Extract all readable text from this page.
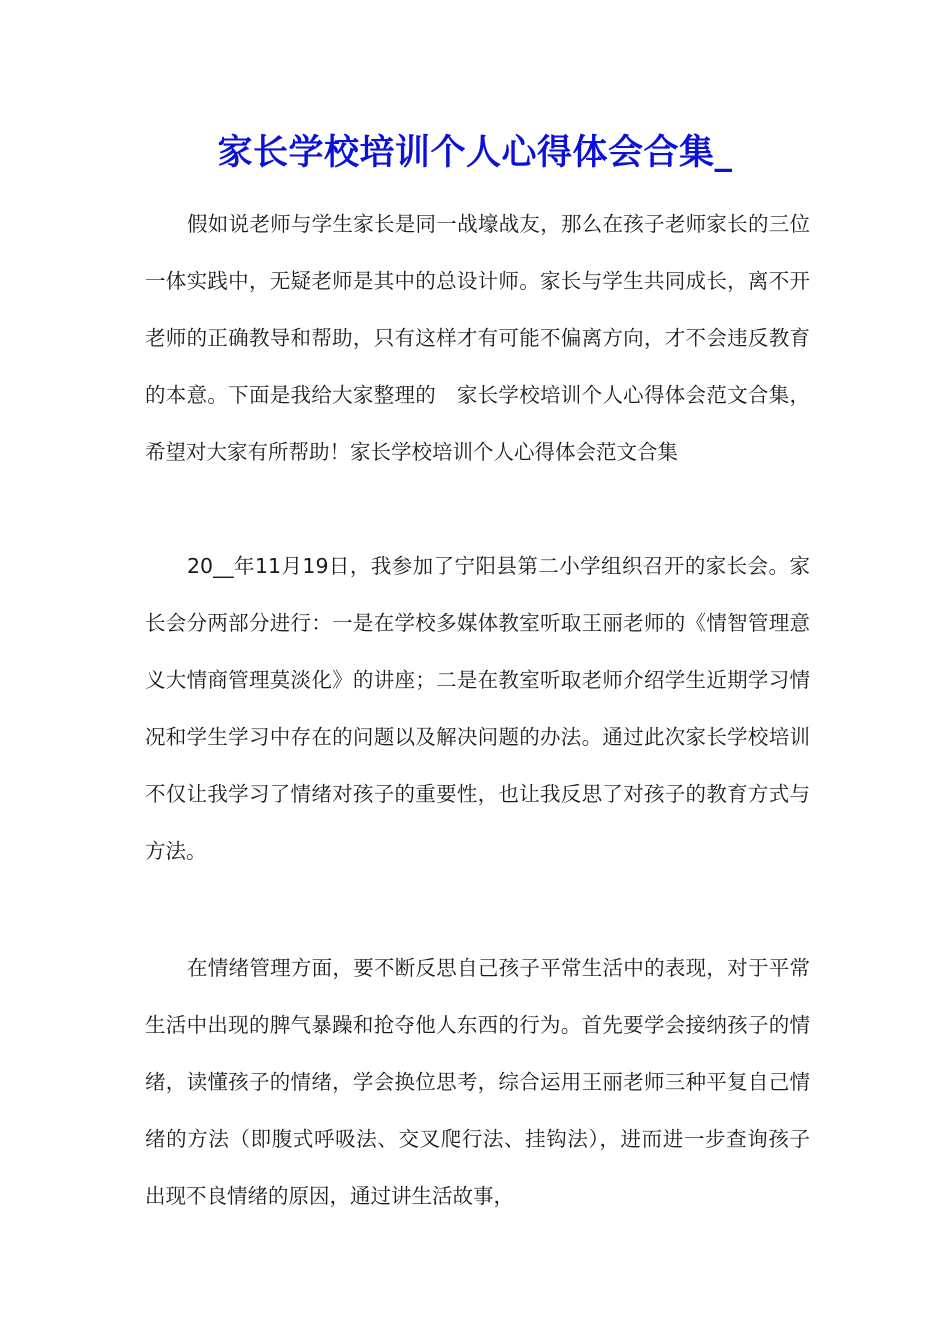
家长学校培训个人心得体会合集_

假如说老师与学生家长是同一战壕战友，那么在孩子老师家长的三位一体实践中，无疑老师是其中的总设计师。家长与学生共同成长，离不开老师的正确教导和帮助，只有这样才有可能不偏离方向，才不会违反教育的本意。下面是我给大家整理的　家长学校培训个人心得体会范文合集，希望对大家有所帮助！家长学校培训个人心得体会范文合集

20__年11月19日，我参加了宁阳县第二小学组织召开的家长会。家长会分两部分进行：一是在学校多媒体教室听取王丽老师的《情智管理意义大情商管理莫淡化》的讲座；二是在教室听取老师介绍学生近期学习情况和学生学习中存在的问题以及解决问题的办法。通过此次家长学校培训不仅让我学习了情绪对孩子的重要性，也让我反思了对孩子的教育方式与方法。

在情绪管理方面，要不断反思自己孩子平常生活中的表现，对于平常生活中出现的脾气暴躁和抢夺他人东西的行为。首先要学会接纳孩子的情绪，读懂孩子的情绪，学会换位思考，综合运用王丽老师三种平复自己情绪的方法（即腹式呼吸法、交叉爬行法、挂钩法），进而进一步查询孩子出现不良情绪的原因，通过讲生活故事，
